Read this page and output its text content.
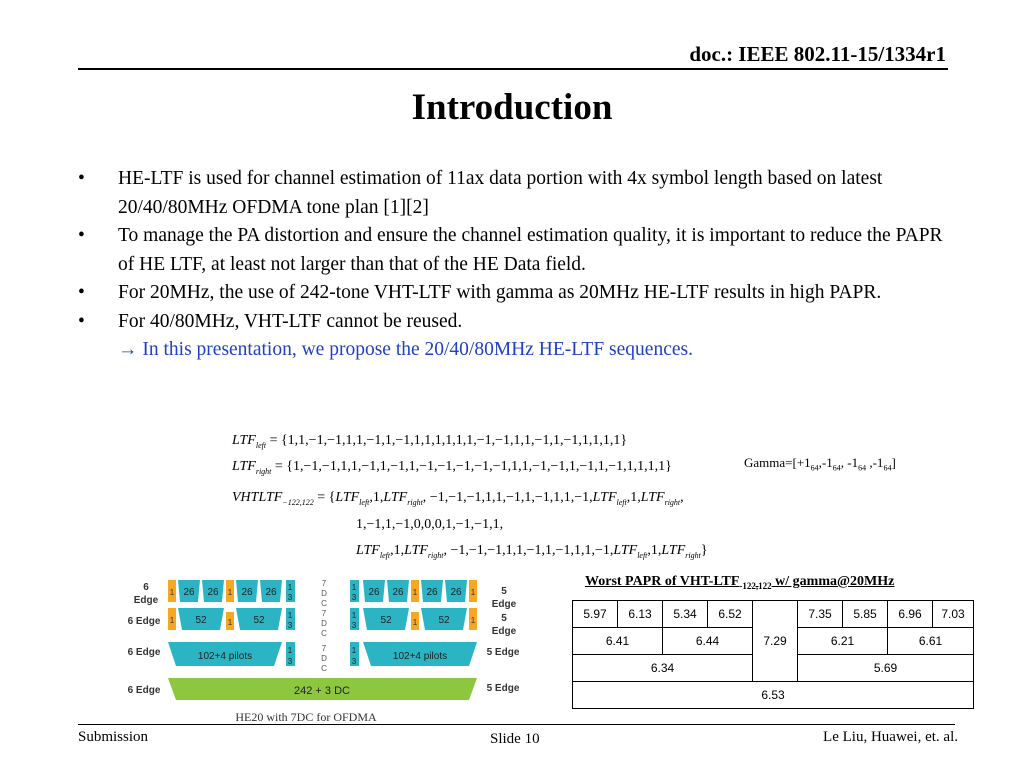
doc.: IEEE 802.11-15/1334r1
Introduction
•	HE-LTF is used for channel estimation of 11ax data portion with 4x symbol length based on latest 20/40/80MHz OFDMA tone plan [1][2]
•	To manage the PA distortion and ensure the channel estimation quality, it is important to reduce the PAPR of HE LTF, at least not larger than that of the HE Data field.
•	For 20MHz, the use of 242-tone VHT-LTF with gamma as 20MHz HE-LTF results in high PAPR.
•	For 40/80MHz, VHT-LTF cannot be reused.
→ In this presentation, we propose the 20/40/80MHz HE-LTF sequences.
$LTF_{left} = \{1,1,-1,-1,1,1,-1,1,-1,1,1,1,1,1,1,-1,-1,1,1,-1,1,-1,1,1,1,1\}$
$LTF_{right} = \{1,-1,-1,1,1,-1,1,-1,1,-1,-1,-1,-1,-1,1,1,-1,-1,1,-1,1,-1,1,1,1,1\}$	$Gamma=[+1_{64},-1_{64}$, $-1_{64}$ $,-1_{64}$]
$VHTLTF_{-122,122} = \{LTF_{left},1,LTF_{right}$, $-1,-1,-1,1,1,-1,1,-1,1,1,-1,LTF_{left},1,LTF_{right}$,
1,−1,1,−1,0,0,0,1,−1,−1,1,
$LTF_{left},1,LTF_{right}$, $-1,-1,-1,1,1,-1,1,-1,1,1,-1,LTF_{left},1,LTF_{right}$}
6
Edge
6 Edge
6 Edge
6 Edge
5
Edge
5
Edge
5 Edge
5 Edge
1 26 26 1 26 26 1
3
7
D
C
7
D
C
7
D
C
1
3 26 26 1 26 26 1
1 52	1 52	1
3
1
3 52	1 52	1
102+4 pilots
1
3
1
3	102+4 pilots
242 + 3 DC
HE20 with 7DC for OFDMA
Worst PAPR of VHT-$LTF_{-122,122}$ w/ gamma@20MHz
5.97	6.13	5.34	6.52	7.29	7.35	5.85	6.96	7.03
6.41		6.44			6.21		6.61	
6.34					5.69			
6.53								
Submission	Slide 10	Le Liu, Huawei, et. al.
